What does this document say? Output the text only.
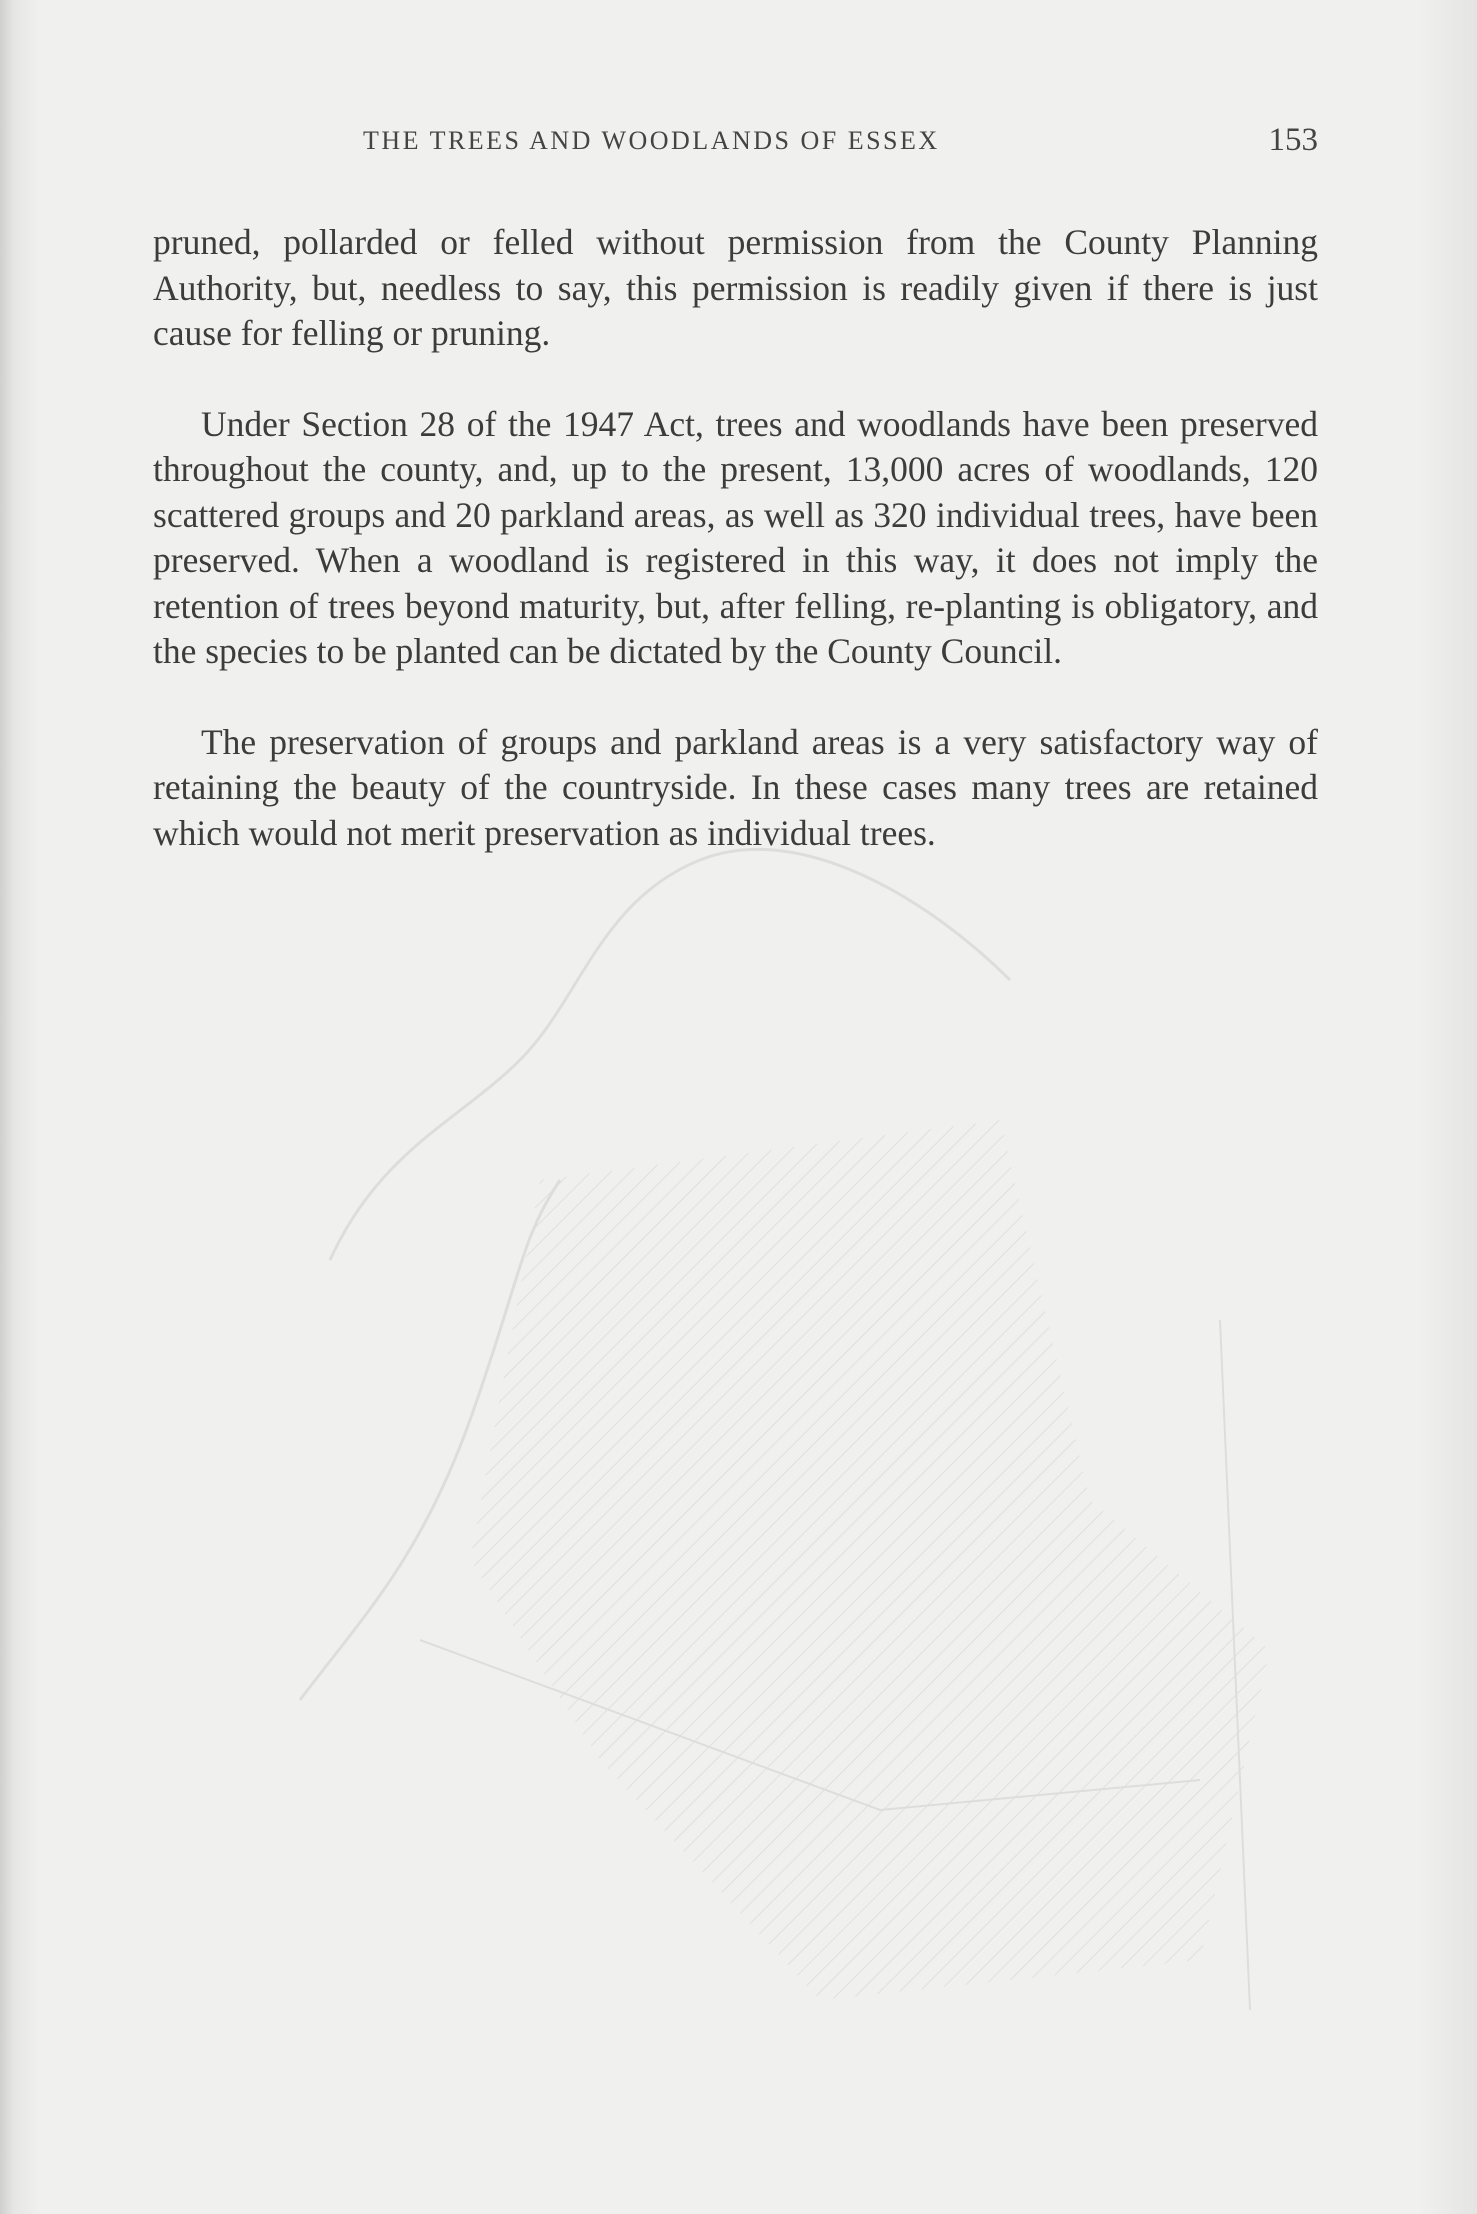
THE TREES AND WOODLANDS OF ESSEX	153

pruned, pollarded or felled without permission from the County Planning Authority, but, needless to say, this permission is readily given if there is just cause for felling or pruning.

Under Section 28 of the 1947 Act, trees and woodlands have been preserved throughout the county, and, up to the present, 13,000 acres of woodlands, 120 scattered groups and 20 parkland areas, as well as 320 individual trees, have been preserved. When a woodland is registered in this way, it does not imply the retention of trees beyond maturity, but, after felling, re-planting is obligatory, and the species to be planted can be dictated by the County Council.

The preservation of groups and parkland areas is a very satisfactory way of retaining the beauty of the countryside. In these cases many trees are retained which would not merit preservation as individual trees.
